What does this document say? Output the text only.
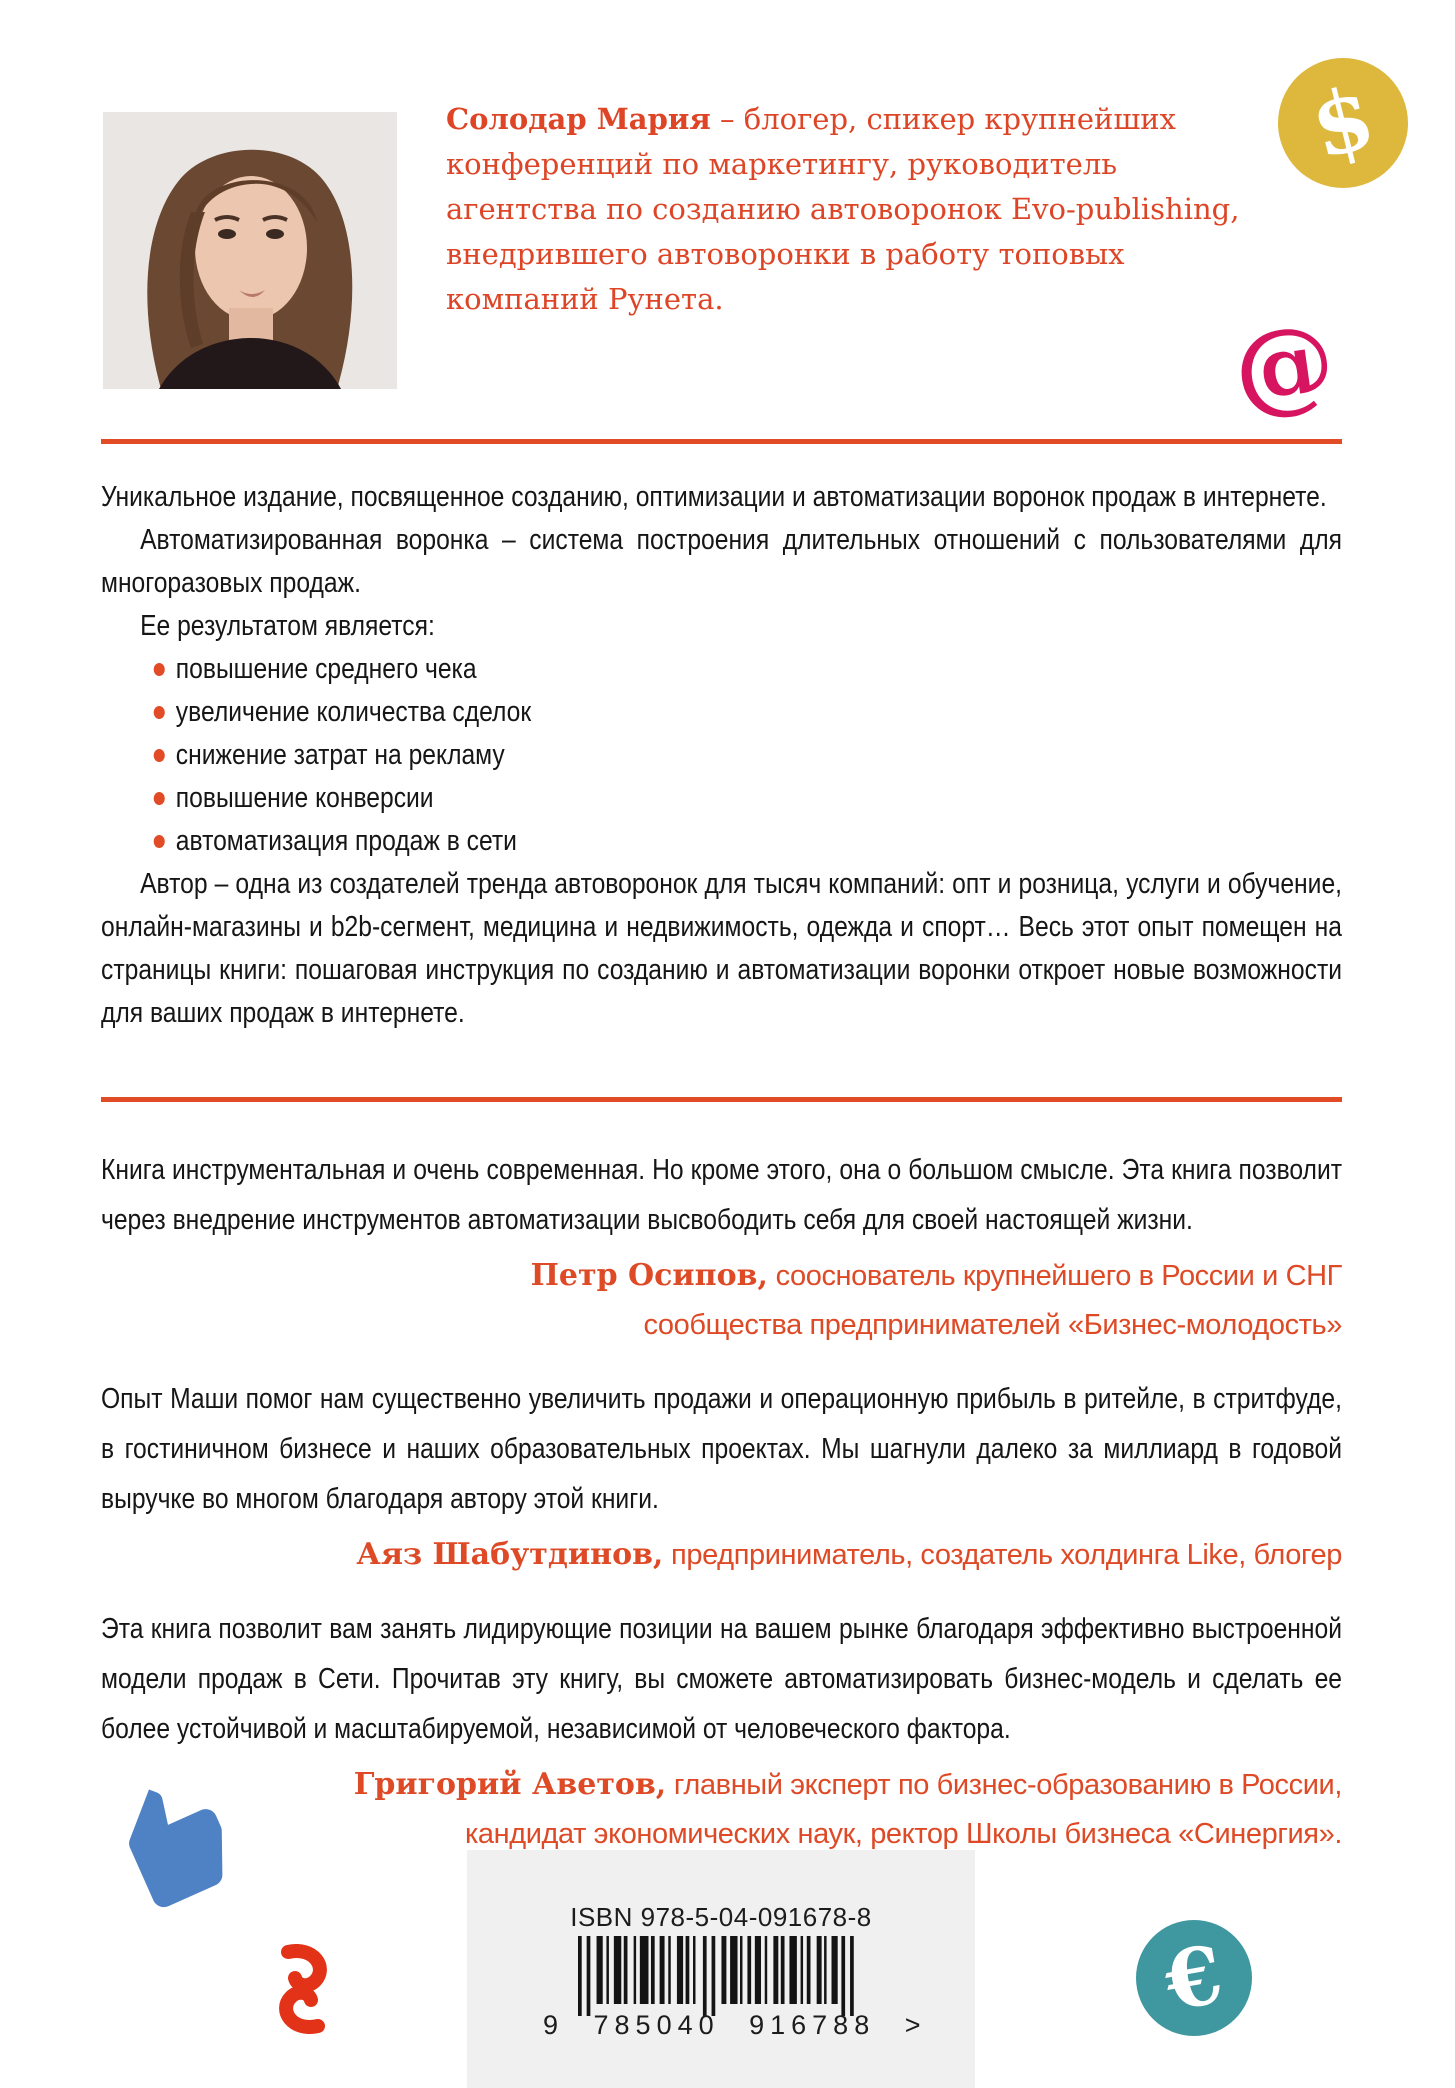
Солодар Мария – блогер, спикер крупнейших
конференций по маркетингу, руководитель
агентства по созданию автоворонок Evo-publishing,
внедрившего автоворонки в работу топовых
компаний Рунета.
$
@

Уникальное издание, посвященное созданию, оптимизации и автоматизации воронок продаж в интернете.

Автоматизированная воронка – система построения длительных отношений с пользователями для многоразовых продаж.

Ее результатом является:

повышение среднего чека
увеличение количества сделок
снижение затрат на рекламу
повышение конверсии
автоматизация продаж в сети

Автор – одна из создателей тренда автоворонок для тысяч компаний: опт и розница, услуги и обучение, онлайн-магазины и b2b-сегмент, медицина и недвижимость, одежда и спорт… Весь этот опыт помещен на страницы книги: пошаговая инструкция по созданию и автоматизации воронки откроет новые возможности для ваших продаж в интернете.

Книга инструментальная и очень современная. Но кроме этого, она о большом смысле. Эта книга позволит через внедрение инструментов автоматизации высвободить себя для своей настоящей жизни.

Петр Осипов, сооснователь крупнейшего в России и СНГ
сообщества предпринимателей «Бизнес-молодость»

Опыт Маши помог нам существенно увеличить продажи и операционную прибыль в ритейле, в стритфуде, в гостиничном бизнесе и наших образовательных проектах. Мы шагнули далеко за миллиард в годовой выручке во многом благодаря автору этой книги.

Аяз Шабутдинов, предприниматель, создатель холдинга Like, блогер

Эта книга позволит вам занять лидирующие позиции на вашем рынке благодаря эффективно выстроенной модели продаж в Сети. Прочитав эту книгу, вы сможете автоматизировать бизнес-модель и сделать ее более устойчивой и масштабируемой, независимой от человеческого фактора.

Григорий Аветов, главный эксперт по бизнес-образованию в России,
кандидат экономических наук, ректор Школы бизнеса «Синергия».
ISBN 978-5-04-091678-8
9 785040 916788 >	€
